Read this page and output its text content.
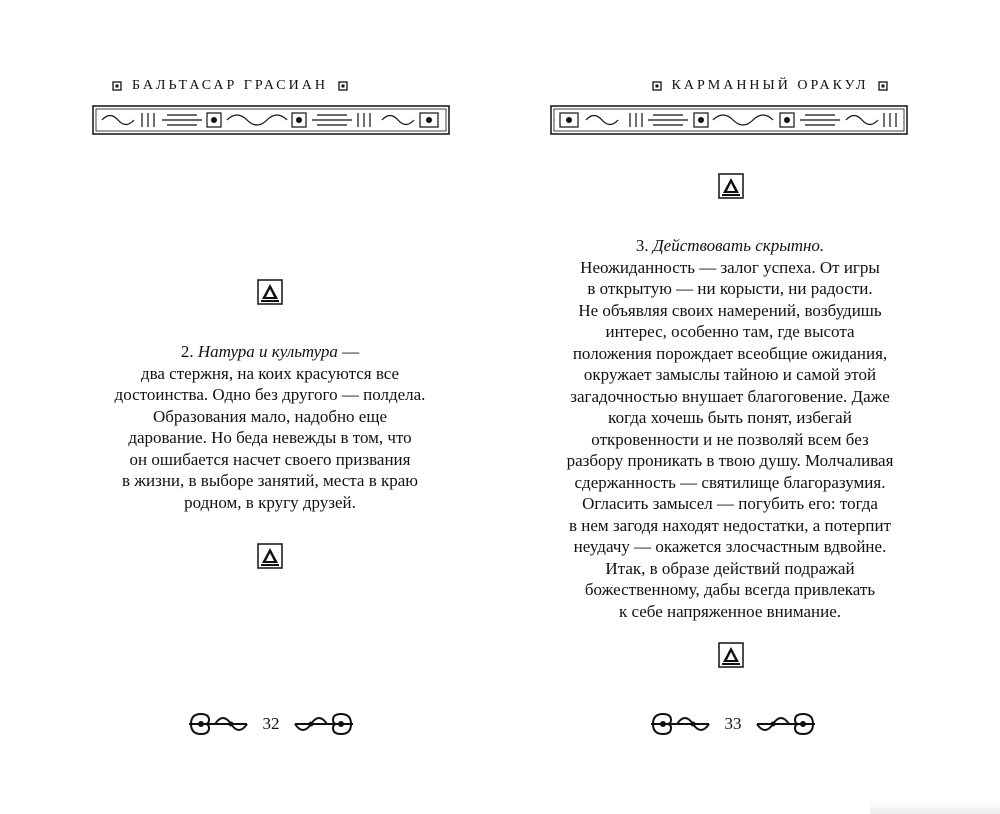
БАЛЬТАСАР ГРАСИАН
2. Натура и культура —
два стержня, на коих красуются все
достоинства. Одно без другого — полдела.
Образования мало, надобно еще
дарование. Но беда невежды в том, что
он ошибается насчет своего призвания
в жизни, в выборе занятий, места в краю
родном, в кругу друзей.
32
КАРМАННЫЙ ОРАКУЛ
3. Действовать скрытно.
Неожиданность — залог успеха. От игры
в открытую — ни корысти, ни радости.
Не объявляя своих намерений, возбудишь
интерес, особенно там, где высота
положения порождает всеобщие ожидания,
окружает замыслы тайною и самой этой
загадочностью внушает благоговение. Даже
когда хочешь быть понят, избегай
откровенности и не позволяй всем без
разбору проникать в твою душу. Молчаливая
сдержанность — святилище благоразумия.
Огласить замысел — погубить его: тогда
в нем загодя находят недостатки, а потерпит
неудачу — окажется злосчастным вдвойне.
Итак, в образе действий подражай
божественному, дабы всегда привлекать
к себе напряженное внимание.
33
